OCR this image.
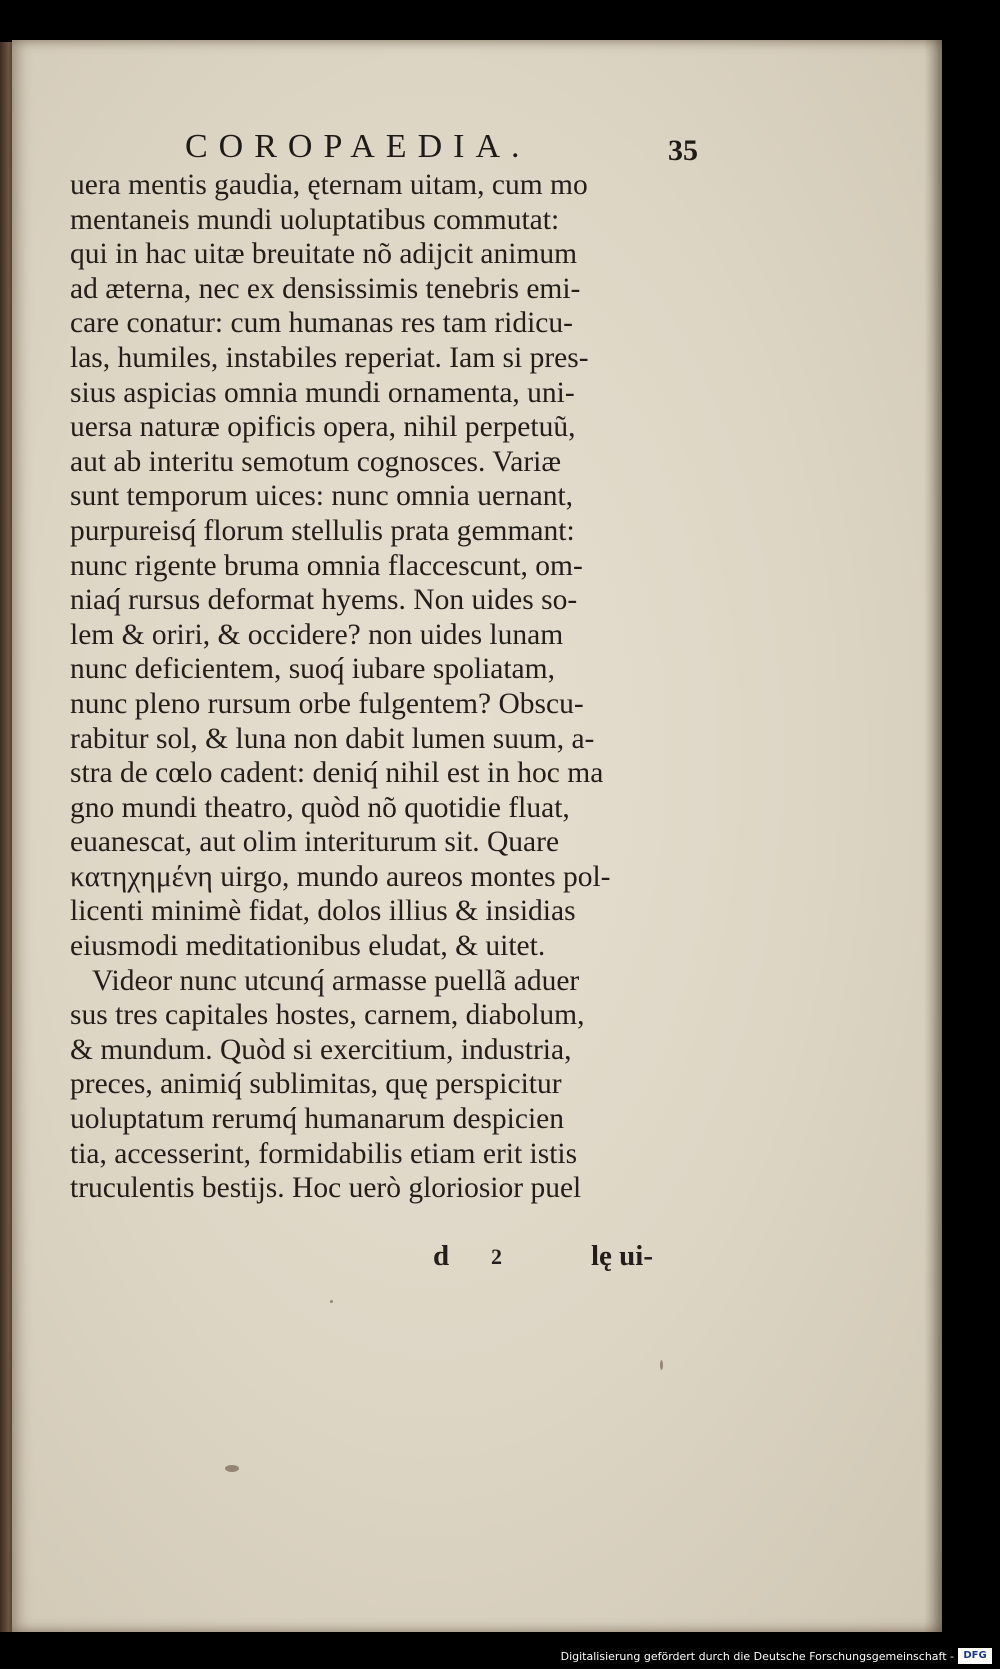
COROPAEDIA.	35
uera mentis gaudia, ęternam uitam, cum mo
mentaneis mundi uoluptatibus commutat:
qui in hac uitæ breuitate nõ adijcit animum
ad æterna, nec ex densissimis tenebris emi-
care conatur: cum humanas res tam ridicu-
las, humiles, instabiles reperiat. Iam si pres-
sius aspicias omnia mundi ornamenta, uni-
uersa naturæ opificis opera, nihil perpetuũ,
aut ab interitu semotum cognosces. Variæ
sunt temporum uices: nunc omnia uernant,
purpureisq́ florum stellulis prata gemmant:
nunc rigente bruma omnia flaccescunt, om-
niaq́ rursus deformat hyems. Non uides so-
lem & oriri, & occidere? non uides lunam
nunc deficientem, suoq́ iubare spoliatam,
nunc pleno rursum orbe fulgentem? Obscu-
rabitur sol, & luna non dabit lumen suum, a-
stra de cœlo cadent: deniq́ nihil est in hoc ma
gno mundi theatro, quòd nõ quotidie fluat,
euanescat, aut olim interiturum sit. Quare
κατηχημένη uirgo, mundo aureos montes pol-
licenti minimè fidat, dolos illius & insidias
eiusmodi meditationibus eludat, & uitet.
Videor nunc utcunq́ armasse puellã aduer
sus tres capitales hostes, carnem, diabolum,
& mundum. Quòd si exercitium, industria,
preces, animiq́ sublimitas, quę perspicitur
uoluptatum rerumq́ humanarum despicien
tia, accesserint, formidabilis etiam erit istis
truculentis bestijs. Hoc uerò gloriosior puel
d 2	lę ui-
Digitalisierung gefördert durch die Deutsche Forschungsgemeinschaft - DFG
